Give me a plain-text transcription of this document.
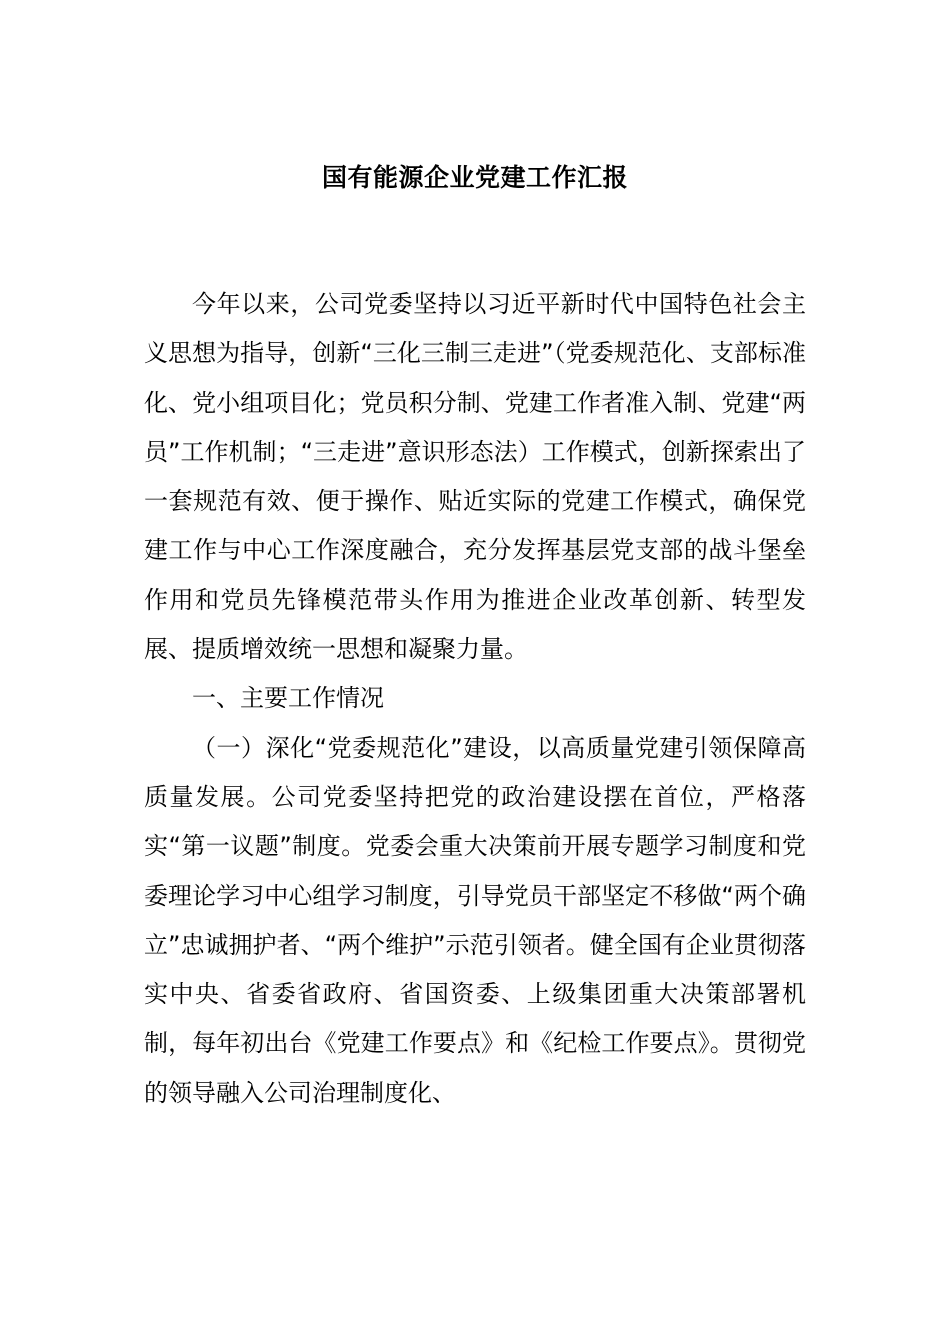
国有能源企业党建工作汇报

今年以来，公司党委坚持以习近平新时代中国特色社会主义思想为指导，创新“三化三制三走进”（党委规范化、支部标准化、党小组项目化；党员积分制、党建工作者准入制、党建“两员”工作机制；“三走进”意识形态法）工作模式，创新探索出了一套规范有效、便于操作、贴近实际的党建工作模式，确保党建工作与中心工作深度融合，充分发挥基层党支部的战斗堡垒作用和党员先锋模范带头作用为推进企业改革创新、转型发展、提质增效统一思想和凝聚力量。

一、主要工作情况

（一）深化“党委规范化”建设，以高质量党建引领保障高质量发展。公司党委坚持把党的政治建设摆在首位，严格落实“第一议题”制度。党委会重大决策前开展专题学习制度和党委理论学习中心组学习制度，引导党员干部坚定不移做“两个确立”忠诚拥护者、“两个维护”示范引领者。健全国有企业贯彻落实中央、省委省政府、省国资委、上级集团重大决策部署机制，每年初出台《党建工作要点》和《纪检工作要点》。贯彻党的领导融入公司治理制度化、
